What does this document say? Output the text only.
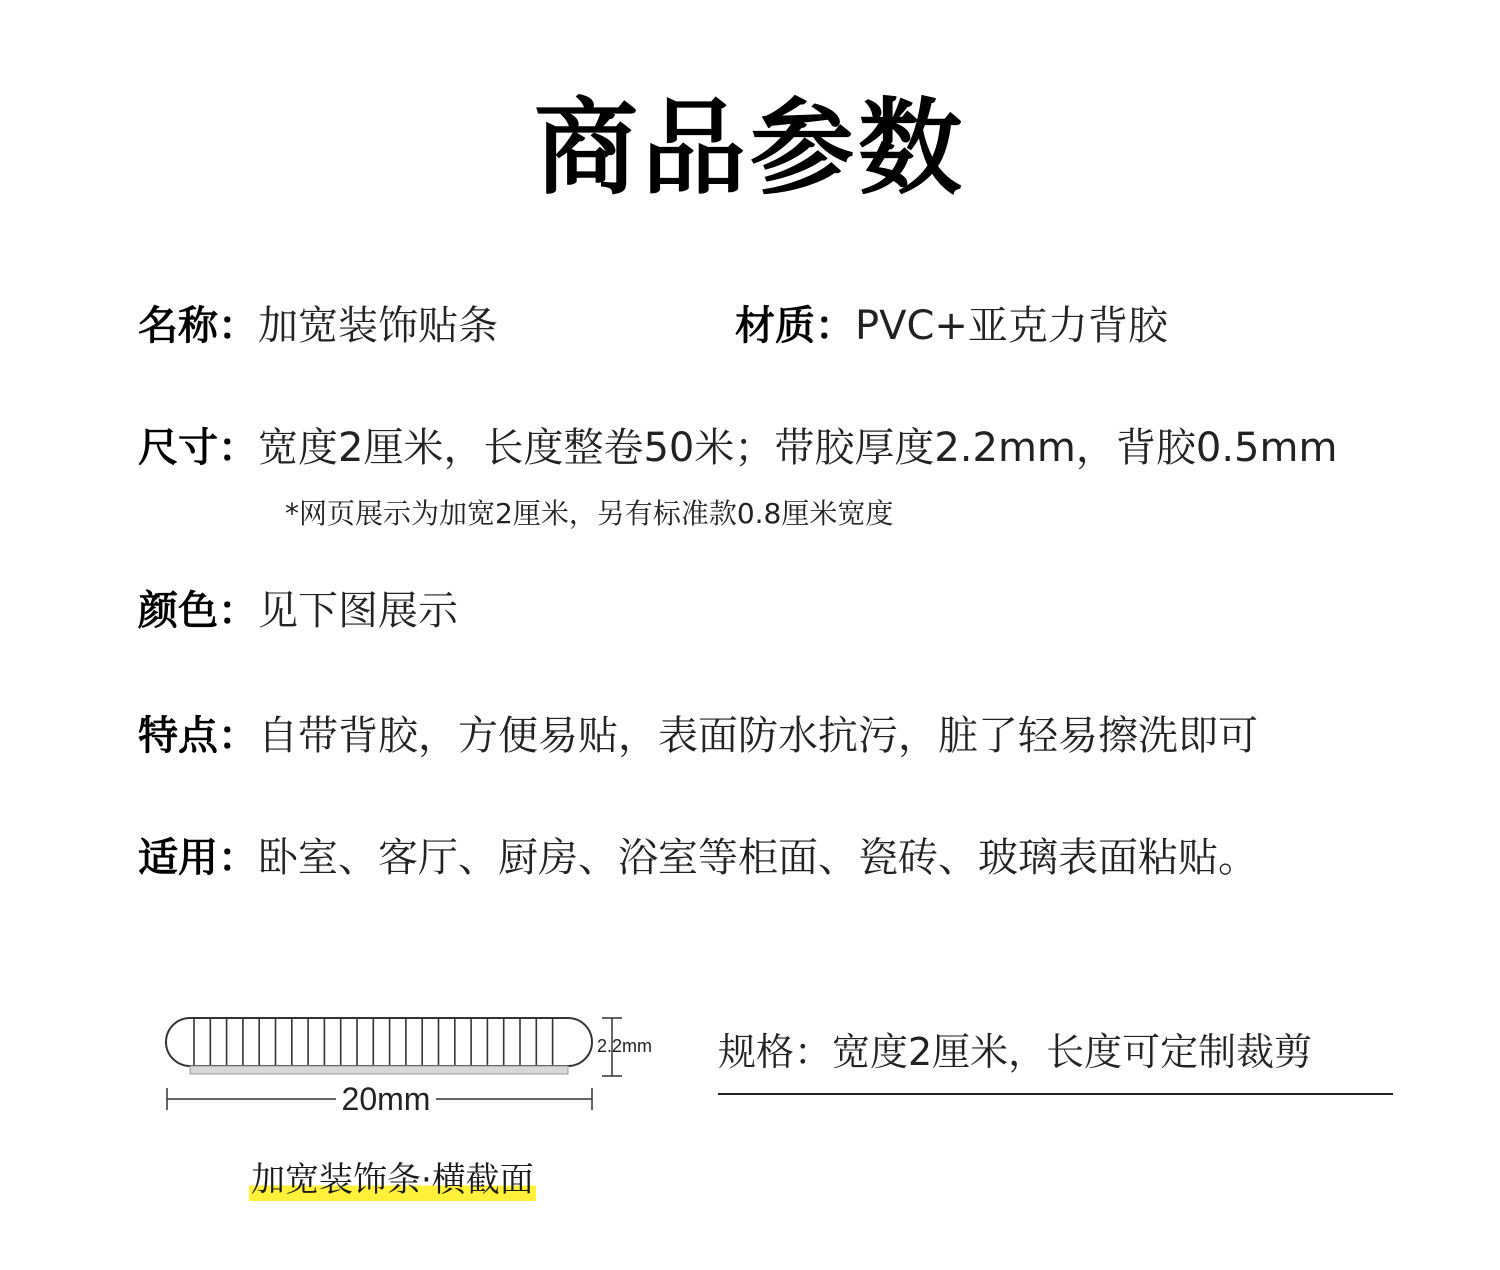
商品参数
名称：加宽装饰贴条	材质：PVC+亚克力背胶
尺寸：宽度2厘米，长度整卷50米；带胶厚度2.2mm，背胶0.5mm
*网页展示为加宽2厘米，另有标准款0.8厘米宽度
颜色：见下图展示
特点：自带背胶，方便易贴，表面防水抗污，脏了轻易擦洗即可
适用：卧室、客厅、厨房、浴室等柜面、瓷砖、玻璃表面粘贴。
2.2mm
20mm
加宽装饰条·横截面
规格：宽度2厘米，长度可定制裁剪
